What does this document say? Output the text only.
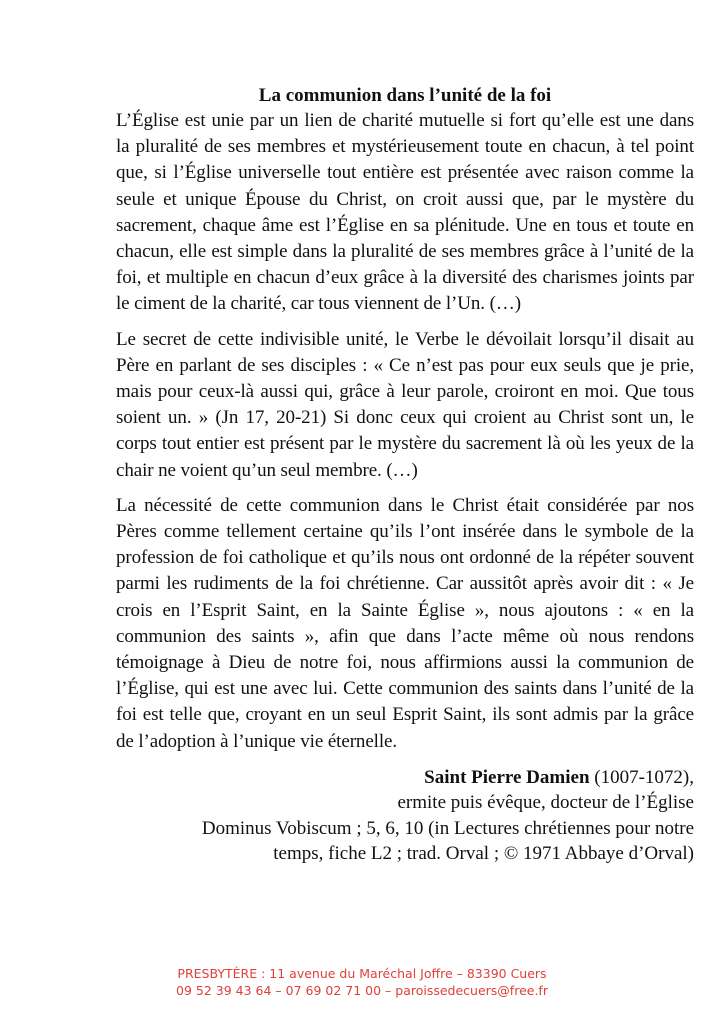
La communion dans l’unité de la foi

L’Église est unie par un lien de charité mutuelle si fort qu’elle est une dans la pluralité de ses membres et mystérieusement toute en chacun, à tel point que, si l’Église universelle tout entière est présentée avec raison comme la seule et unique Épouse du Christ, on croit aussi que, par le mystère du sacrement, chaque âme est l’Église en sa plénitude. Une en tous et toute en chacun, elle est simple dans la pluralité de ses membres grâce à l’unité de la foi, et multiple en chacun d’eux grâce à la diversité des charismes joints par le ciment de la charité, car tous viennent de l’Un. (…)

Le secret de cette indivisible unité, le Verbe le dévoilait lorsqu’il disait au Père en parlant de ses disciples : « Ce n’est pas pour eux seuls que je prie, mais pour ceux-là aussi qui, grâce à leur parole, croiront en moi. Que tous soient un. » (Jn 17, 20-21) Si donc ceux qui croient au Christ sont un, le corps tout entier est présent par le mystère du sacrement là où les yeux de la chair ne voient qu’un seul membre. (…)

La nécessité de cette communion dans le Christ était considérée par nos Pères comme tellement certaine qu’ils l’ont insérée dans le symbole de la profession de foi catholique et qu’ils nous ont ordonné de la répéter souvent parmi les rudiments de la foi chrétienne. Car aussitôt après avoir dit : « Je crois en l’Esprit Saint, en la Sainte Église », nous ajoutons : « en la communion des saints », afin que dans l’acte même où nous rendons témoignage à Dieu de notre foi, nous affirmions aussi la communion de l’Église, qui est une avec lui. Cette communion des saints dans l’unité de la foi est telle que, croyant en un seul Esprit Saint, ils sont admis par la grâce de l’adoption à l’unique vie éternelle.

Saint Pierre Damien (1007-1072),
ermite puis évêque, docteur de l’Église
Dominus Vobiscum ; 5, 6, 10 (in Lectures chrétiennes pour notre
temps, fiche L2 ; trad. Orval ; © 1971 Abbaye d’Orval)
PRESBYTÈRE : 11 avenue du Maréchal Joffre – 83390 Cuers
09 52 39 43 64 – 07 69 02 71 00 – paroissedecuers@free.fr
